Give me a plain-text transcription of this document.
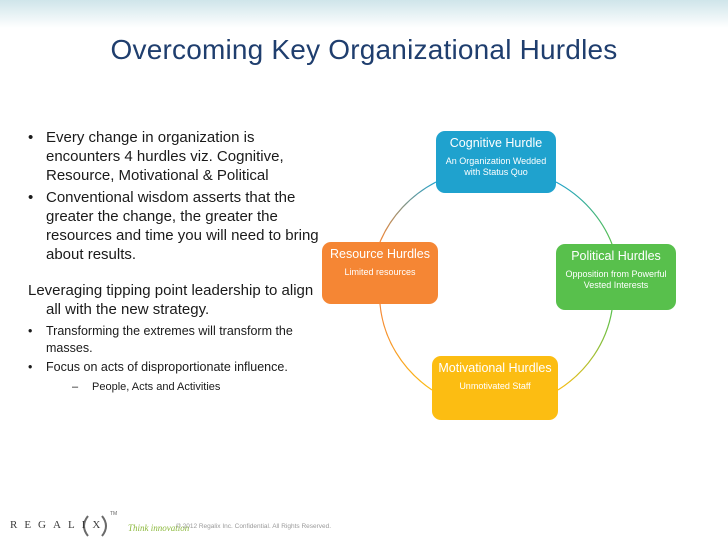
Overcoming Key Organizational Hurdles
• Every change in organization is encounters 4 hurdles viz. Cognitive, Resource, Motivational & Political
• Conventional wisdom asserts that the greater the change, the greater the resources and time you will need to bring about results.
Leveraging tipping point leadership to align all with the new strategy.
• Transforming the extremes will transform the masses.
• Focus on acts of disproportionate influence.
– People, Acts and Activities
Cognitive Hurdle
An Organization Wedded with Status Quo
Resource Hurdles
Limited resources
Political Hurdles
Opposition from Powerful Vested Interests
Motivational Hurdles
Unmotivated Staff
REGALIX
TM
Think innovation
© 2012 Regalix Inc. Confidential. All Rights Reserved.
